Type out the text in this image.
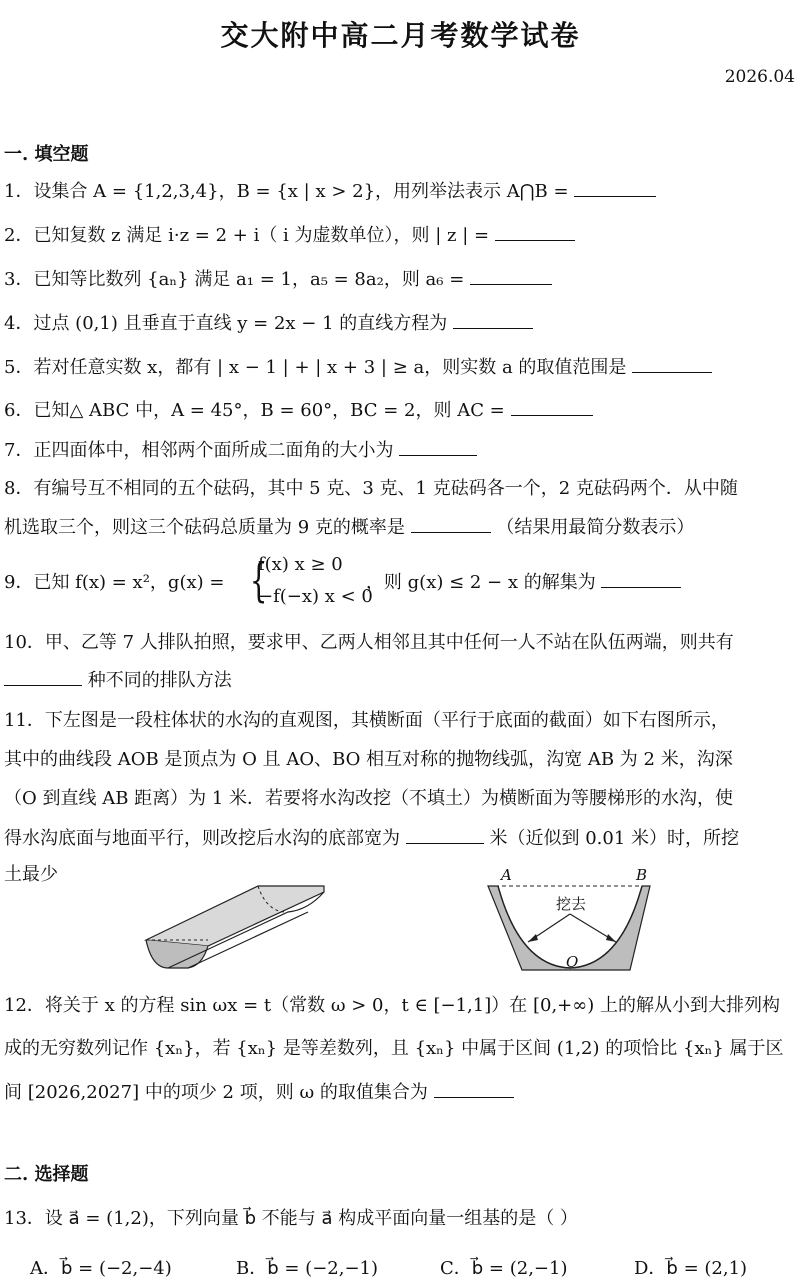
交大附中高二月考数学试卷
2026.04
一. 填空题
1．设集合 A = {1,2,3,4}，B = {x | x > 2}，用列举法表示 A⋂B =
2．已知复数 z 满足 i·z = 2 + i（ i 为虚数单位），则 | z | =
3．已知等比数列 {aₙ} 满足 a₁ = 1，a₅ = 8a₂，则 a₆ =
4．过点 (0,1) 且垂直于直线 y = 2x − 1 的直线方程为
5．若对任意实数 x，都有 | x − 1 | + | x + 3 | ≥ a，则实数 a 的取值范围是
6．已知△ ABC 中，A = 45°，B = 60°，BC = 2，则 AC =
7．正四面体中，相邻两个面所成二面角的大小为
8．有编号互不相同的五个砝码，其中 5 克、3 克、1 克砝码各一个，2 克砝码两个．从中随
机选取三个，则这三个砝码总质量为 9 克的概率是	（结果用最简分数表示）
9．已知 f(x) = x²，g(x) =	，则 g(x) ≤ 2 − x 的解集为
{
f(x) x ≥ 0
−f(−x) x < 0
10．甲、乙等 7 人排队拍照，要求甲、乙两人相邻且其中任何一人不站在队伍两端，则共有
种不同的排队方法
11．下左图是一段柱体状的水沟的直观图，其横断面（平行于底面的截面）如下右图所示，
其中的曲线段 AOB 是顶点为 O 且 AO、BO 相互对称的抛物线弧，沟宽 AB 为 2 米，沟深
（O 到直线 AB 距离）为 1 米．若要将水沟改挖（不填土）为横断面为等腰梯形的水沟，使
得水沟底面与地面平行，则改挖后水沟的底部宽为	米（近似到 0.01 米）时，所挖
土最少	A	B
挖去
O
12．将关于 x 的方程 sin ωx = t（常数 ω > 0，t ∈ [−1,1]）在 [0,+∞) 上的解从小到大排列构
成的无穷数列记作 {xₙ}，若 {xₙ} 是等差数列，且 {xₙ} 中属于区间 (1,2) 的项恰比 {xₙ} 属于区
间 [2026,2027] 中的项少 2 项，则 ω 的取值集合为
二. 选择题
13．设 a⃗ = (1,2)，下列向量 b⃗ 不能与 a⃗ 构成平面向量一组基的是（ ）
A．b⃗ = (−2,−4)	B．b⃗ = (−2,−1)	C．b⃗ = (2,−1)	D．b⃗ = (2,1)
